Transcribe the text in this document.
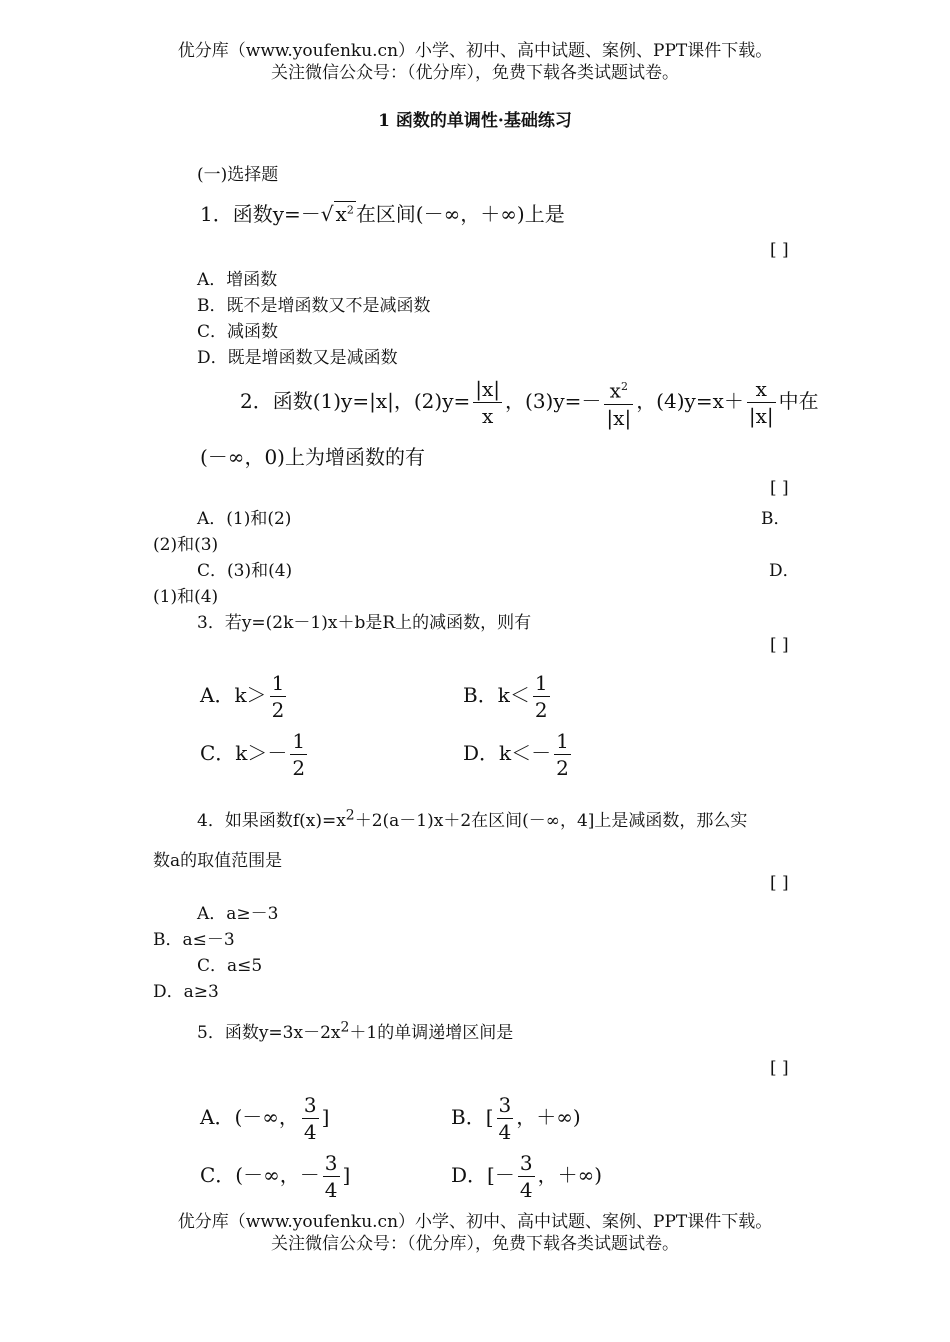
优分库（www.youfenku.cn）小学、初中、高中试题、案例、PPT课件下载。
关注微信公众号：（优分库），免费下载各类试题试卷。
1 函数的单调性·基础练习
(一)选择题
1．函数y=－√ $x^2$ 在区间(－∞，＋∞)上是
[ ]
A．增函数
B．既不是增函数又不是减函数
C．减函数
D．既是增函数又是减函数
2．函数(1)y=|x|，$(2)y= \frac{|x|}{x}$ ，$(3)y=- \frac{x^2}{|x|}$ ，$(4)y=x+ \frac{x}{|x|}$ 中在
(－∞，0)上为增函数的有
[ ]
A．(1)和(2)	B．
(2)和(3)
C．(3)和(4)	D．
(1)和(4)
3．若y=(2k－1)x＋b是R上的减函数，则有
[ ]
A．$k> \frac{1}{2}$	B．$k< \frac{1}{2}$
C．$k>- \frac{1}{2}$	D．$k<- \frac{1}{2}$
4．如果函数$f(x)=x^2+2(a-1)x+2$在区间(－∞，4]上是减函数，那么实
数a的取值范围是
[ ]
A．a≥－3
B．a≤－3
C．a≤5
D．a≥3
5．函数$y=3x-2x^2+1$的单调递增区间是
[ ]
A．(－∞， $\frac{3}{4}$ ]	B．[ $\frac{3}{4}$ ，＋∞)
C．(－∞，－ $\frac{3}{4}$ ]	D．[－ $\frac{3}{4}$ ，＋∞)
优分库（www.youfenku.cn）小学、初中、高中试题、案例、PPT课件下载。
关注微信公众号：（优分库），免费下载各类试题试卷。
